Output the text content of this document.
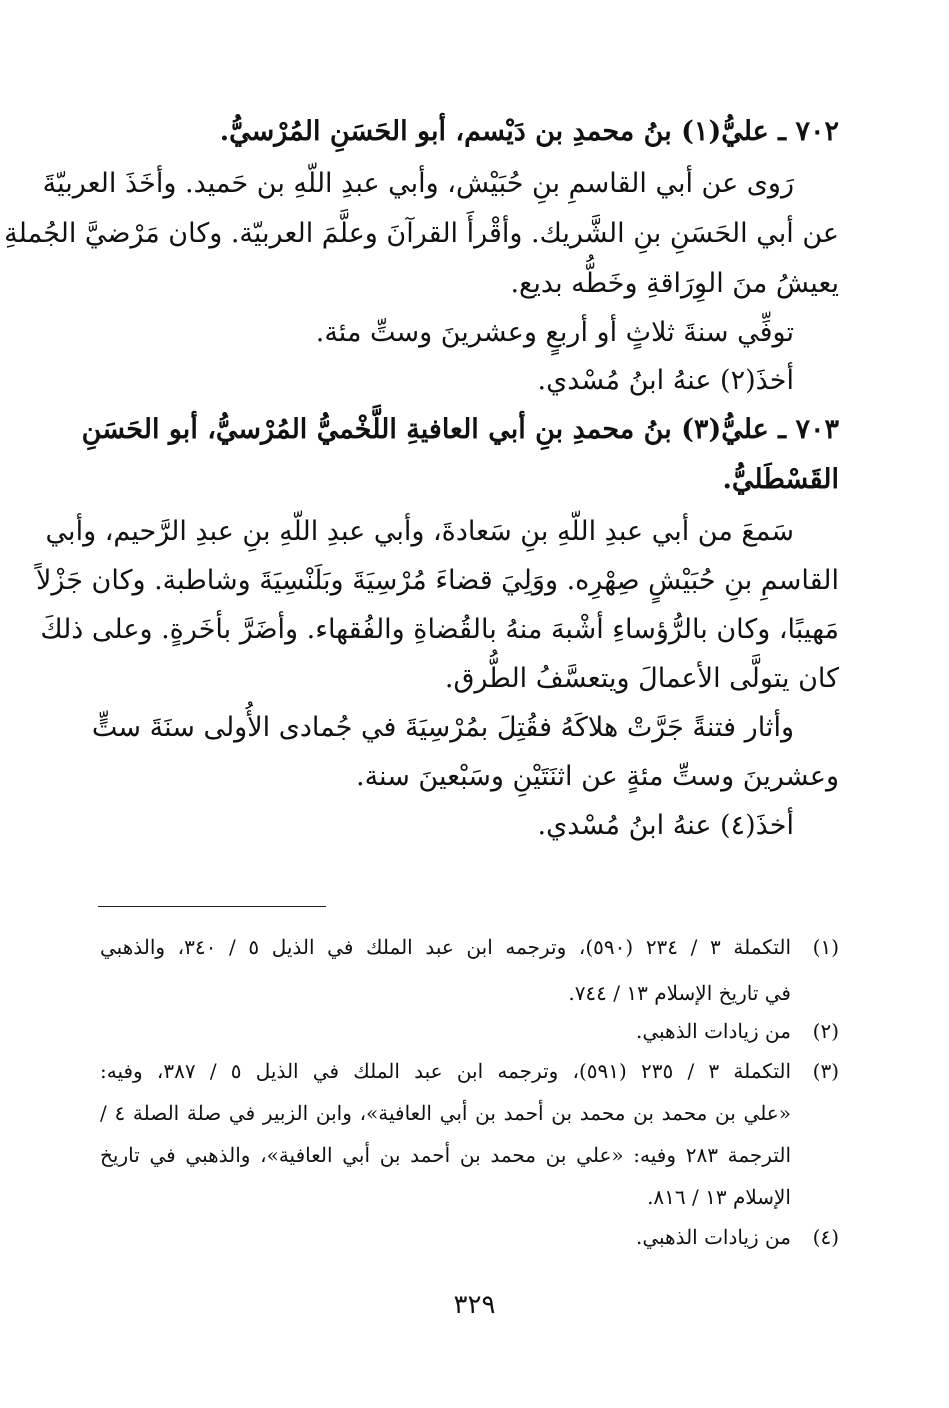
٧٠٢ ـ عليُّ(١) بنُ محمدِ بن دَيْسم، أبو الحَسَنِ المُرْسيُّ.
رَوى عن أبي القاسمِ بنِ حُبَيْش، وأبي عبدِ اللّهِ بن حَميد. وأخَذَ العربيّةَ
عن أبي الحَسَنِ بنِ الشَّريك. وأقْرأَ القرآنَ وعلَّمَ العربيّة. وكان مَرْضيَّ الجُملةِ
يعيشُ منَ الوِرَاقةِ وخَطُّه بديع.
توفِّي سنةَ ثلاثٍ أو أربعٍ وعشرينَ وستِّ مئة.
أخذَ(٢) عنهُ ابنُ مُسْدي.
٧٠٣ ـ عليُّ(٣) بنُ محمدِ بنِ أبي العافيةِ اللَّخْميُّ المُرْسيُّ، أبو الحَسَنِ
القَسْطَليُّ.
سَمعَ من أبي عبدِ اللّهِ بنِ سَعادةَ، وأبي عبدِ اللّهِ بنِ عبدِ الرَّحيم، وأبي
القاسمِ بنِ حُبَيْشٍ صِهْرِه. ووَلِيَ قضاءَ مُرْسِيَةَ وبَلَنْسِيَةَ وشاطبة. وكان جَزْلاً
مَهيبًا، وكان بالرُّؤساءِ أشْبهَ منهُ بالقُضاةِ والفُقهاء. وأضَرَّ بأخَرةٍ. وعلى ذلكَ
كان يتولَّى الأعمالَ ويتعسَّفُ الطُّرق.
وأثار فتنةً جَرَّتْ هلاكَهُ فقُتِلَ بمُرْسِيَةَ في جُمادى الأُولى سنَةَ ستٍّ
وعشرينَ وستِّ مئةٍ عن اثنَتَيْنِ وسَبْعينَ سنة.
أخذَ(٤) عنهُ ابنُ مُسْدي.
(١)
التكملة ٣ / ٢٣٤ (٥٩٠)، وترجمه ابن عبد الملك في الذيل ٥ / ٣٤٠، والذهبي
في تاريخ الإسلام ١٣ / ٧٤٤.
(٢)
من زيادات الذهبي.
(٣)
التكملة ٣ / ٢٣٥ (٥٩١)، وترجمه ابن عبد الملك في الذيل ٥ / ٣٨٧، وفيه:
«علي بن محمد بن محمد بن أحمد بن أبي العافية»، وابن الزبير في صلة الصلة ٤ /
الترجمة ٢٨٣ وفيه: «علي بن محمد بن أحمد بن أبي العافية»، والذهبي في تاريخ
الإسلام ١٣ / ٨١٦.
(٤)
من زيادات الذهبي.
٣٢٩
